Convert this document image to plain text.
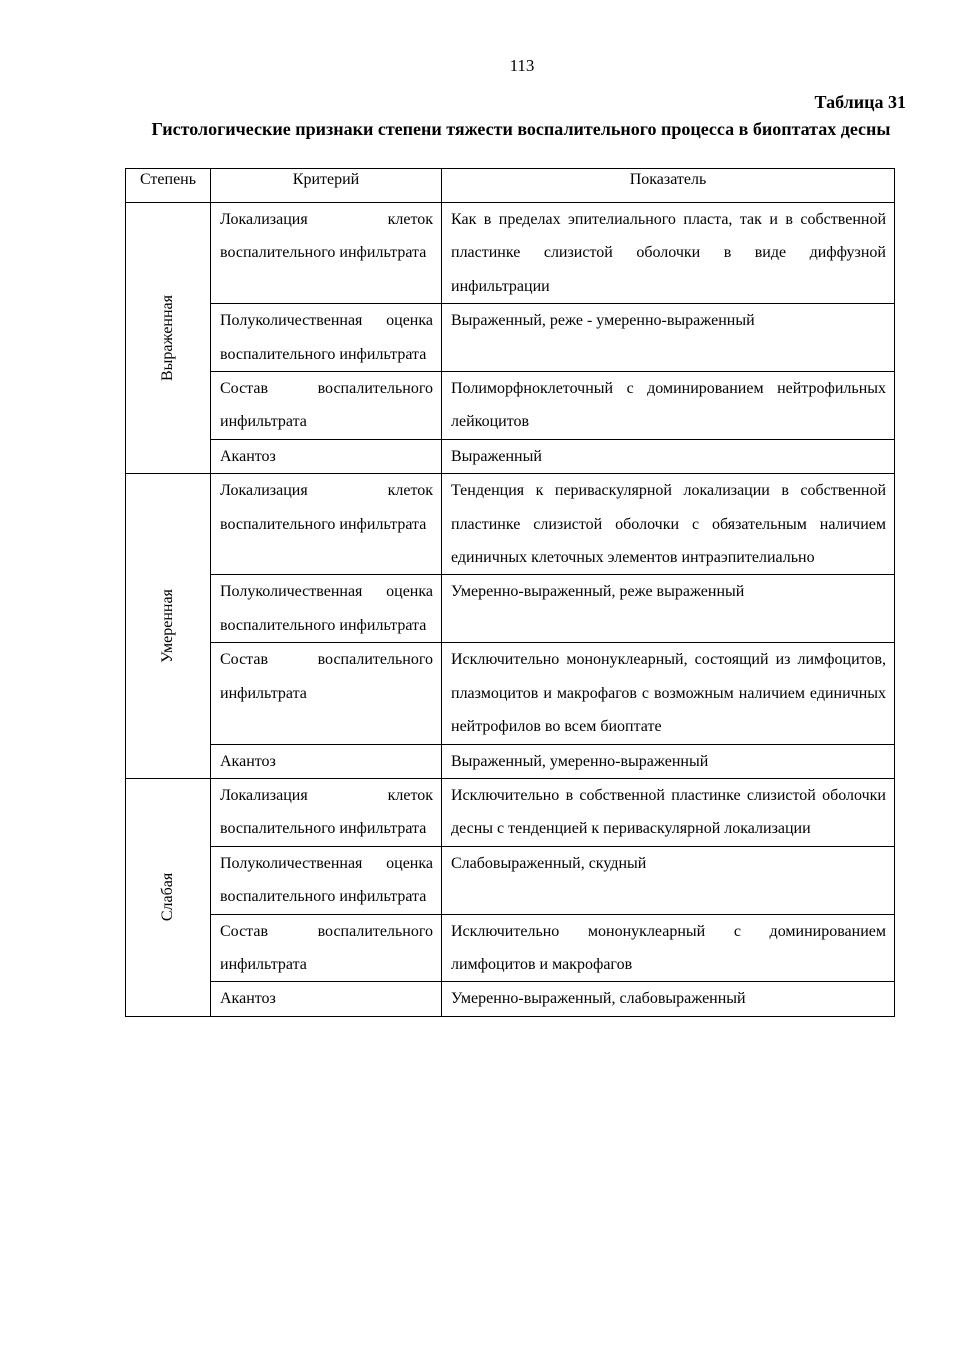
113
Таблица 31
Гистологические признаки степени тяжести воспалительного процесса в биоптатах десны
Степень	Критерий	Показатель

Выраженная	Локализация клеток воспалительного инфильтрата	Как в пределах эпителиального пласта, так и в собственной пластинке слизистой оболочки в виде диффузной инфильтрации
	Полуколичественная оценка воспалительного инфильтрата	Выраженный, реже - умеренно-выраженный
	Состав воспалительного инфильтрата	Полиморфноклеточный с доминированием нейтрофильных лейкоцитов
	Акантоз	Выраженный

Умеренная	Локализация клеток воспалительного инфильтрата	Тенденция к периваскулярной локализации в собственной пластинке слизистой оболочки с обязательным наличием единичных клеточных элементов интраэпителиально
	Полуколичественная оценка воспалительного инфильтрата	Умеренно-выраженный, реже выраженный
	Состав воспалительного инфильтрата	Исключительно мононуклеарный, состоящий из лимфоцитов, плазмоцитов и макрофагов с возможным наличием единичных нейтрофилов во всем биоптате
	Акантоз	Выраженный, умеренно-выраженный

Слабая	Локализация клеток воспалительного инфильтрата	Исключительно в собственной пластинке слизистой оболочки десны с тенденцией к периваскулярной локализации
	Полуколичественная оценка воспалительного инфильтрата	Слабовыраженный, скудный
	Состав воспалительного инфильтрата	Исключительно мононуклеарный с доминированием лимфоцитов и макрофагов
	Акантоз	Умеренно-выраженный, слабовыраженный
